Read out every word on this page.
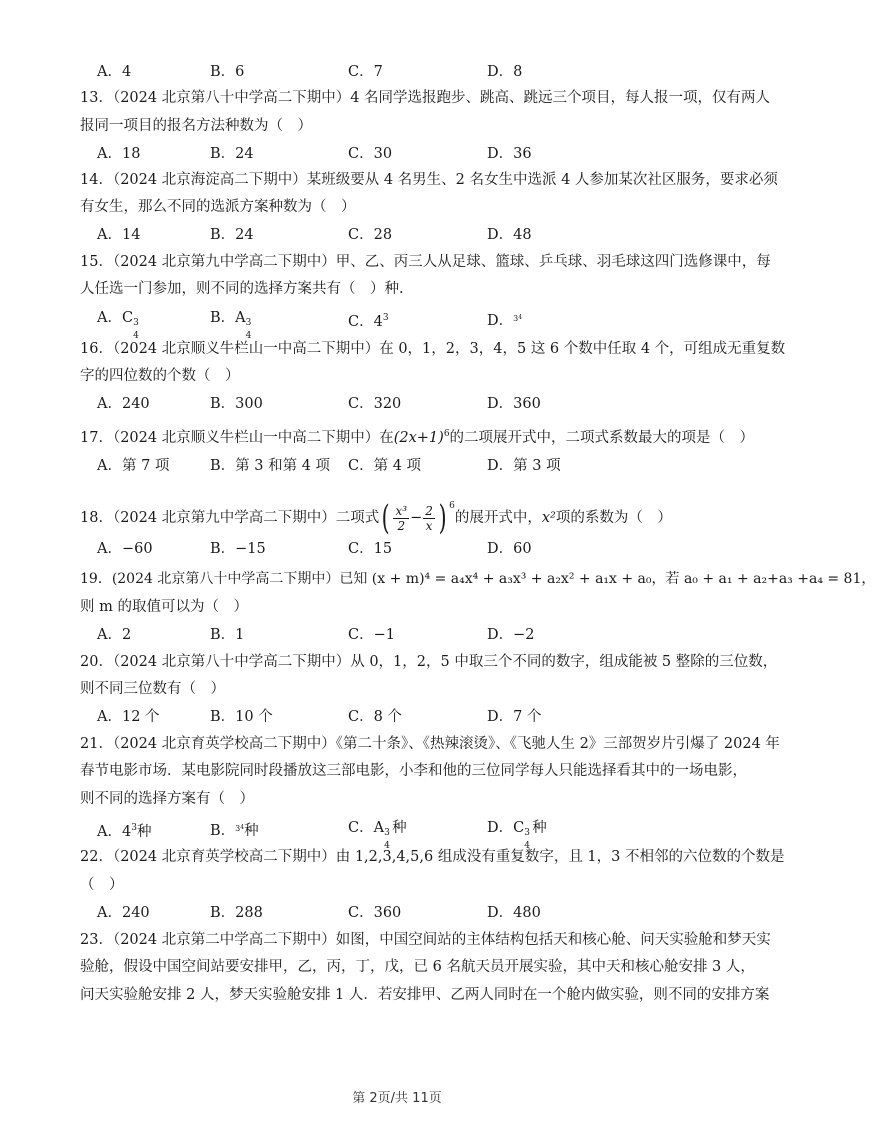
A．4	B．6	C．7	D．8
13．（2024 北京第八十中学高二下期中）4 名同学选报跑步、跳高、跳远三个项目，每人报一项，仅有两人
报同一项目的报名方法种数为（　）
A．18	B．24	C．30	D．36
14．（2024 北京海淀高二下期中）某班级要从 4 名男生、2 名女生中选派 4 人参加某次社区服务，要求必须
有女生，那么不同的选派方案种数为（　）
A．14	B．24	C．28	D．48
15．（2024 北京第九中学高二下期中）甲、乙、丙三人从足球、篮球、乒乓球、羽毛球这四门选修课中，每
人任选一门参加，则不同的选择方案共有（　）种.
A．C 3
4
B．A 3
4
C．$4^3$	D．$^{34}$
16．（2024 北京顺义牛栏山一中高二下期中）在 0，1，2，3，4，5 这 6 个数中任取 4 个，可组成无重复数
字的四位数的个数（　）
A．240	B．300	C．320	D．360
17．（2024 北京顺义牛栏山一中高二下期中）在$(2x+1)^6$的二项展开式中，二项式系数最大的项是（　）
A．第 7 项	B．第 3 和第 4 项 C．第 4 项	D．第 3 项
18．（2024 北京第九中学高二下期中）二项式( $\frac{\text{x³}}{2} - \frac{2}{x}$ ) $^6$的展开式中，x²项的系数为（　）
A．−60	B．−15	C．15	D．60
19．(2024 北京第八十中学高二下期中）已知 (x + m)⁴ = a₄x⁴ + a₃x³ + a₂x² + a₁x + a₀，若 a₀ + a₁ + a₂+a₃ +a₄ = 81，
则 m 的取值可以为（　）
A．2	B．1	C．−1	D．−2
20．（2024 北京第八十中学高二下期中）从 0，1，2，5 中取三个不同的数字，组成能被 5 整除的三位数，
则不同三位数有（　）
A．12 个	B．10 个	C．8 个	D．7 个
21．（2024 北京育英学校高二下期中）《第二十条》、《热辣滚烫》、《飞驰人生 2》三部贺岁片引爆了 2024 年
春节电影市场．某电影院同时段播放这三部电影，小李和他的三位同学每人只能选择看其中的一场电影，
则不同的选择方案有（　）
A．$4^3$种	B．$^{34}$种	C．A 3
4
种	D．C 3
4
种
22．（2024 北京育英学校高二下期中）由 1,2,3,4,5,6 组成没有重复数字，且 1，3 不相邻的六位数的个数是
（　）
A．240	B．288	C．360	D．480
23．（2024 北京第二中学高二下期中）如图，中国空间站的主体结构包括天和核心舱、问天实验舱和梦天实
验舱，假设中国空间站要安排甲，乙，丙，丁，戊，已 6 名航天员开展实验，其中天和核心舱安排 3 人，
问天实验舱安排 2 人，梦天实验舱安排 1 人．若安排甲、乙两人同时在一个舱内做实验，则不同的安排方案
第 2页/共 11页
